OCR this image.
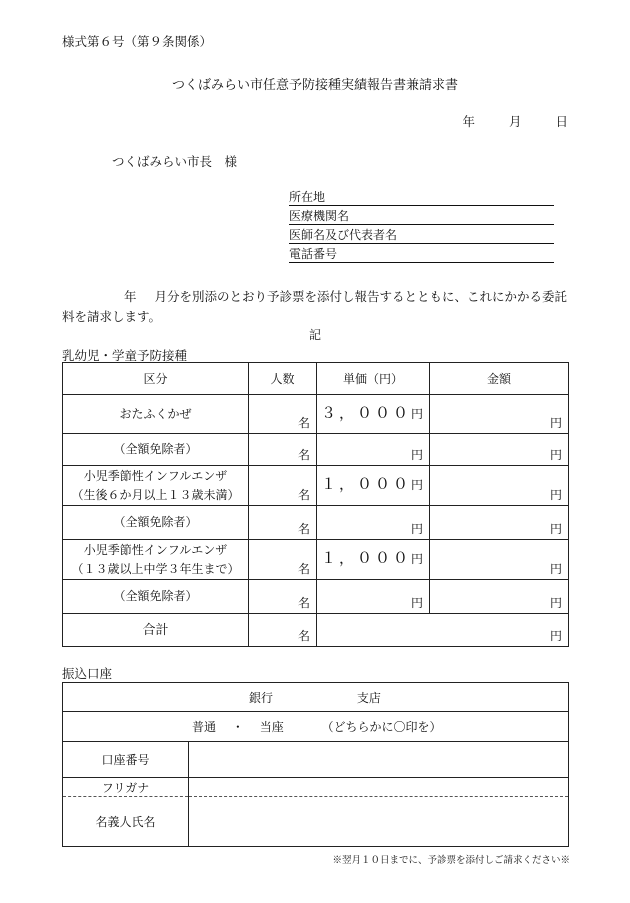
様式第６号（第９条関係）
つくばみらい市任意予防接種実績報告書兼請求書
年	月	日
つくばみらい市長　様
所在地
医療機関名
医師名及び代表者名
電話番号
年 月分を別添のとおり予診票を添付し報告するとともに、これにかかる委託料を請求します。
記
乳幼児・学童予防接種
区分	人数	単価（円）	金額
おたふくかぜ	名	３，０００円	円
（全額免除者）	名	円	円
小児季節性インフルエンザ
（生後６か月以上１３歳未満）	名	１，０００円	円
（全額免除者）	名	円	円
小児季節性インフルエンザ
（１３歳以上中学３年生まで）	名	１，０００円	円
（全額免除者）	名	円	円
合計	名	円	
振込口座
銀行 支店	
普通 ・ 当座 （どちらかに〇印を）	
口座番号	
フリガナ	
名義人氏名	
※翌月１０日までに、予診票を添付しご請求ください※
